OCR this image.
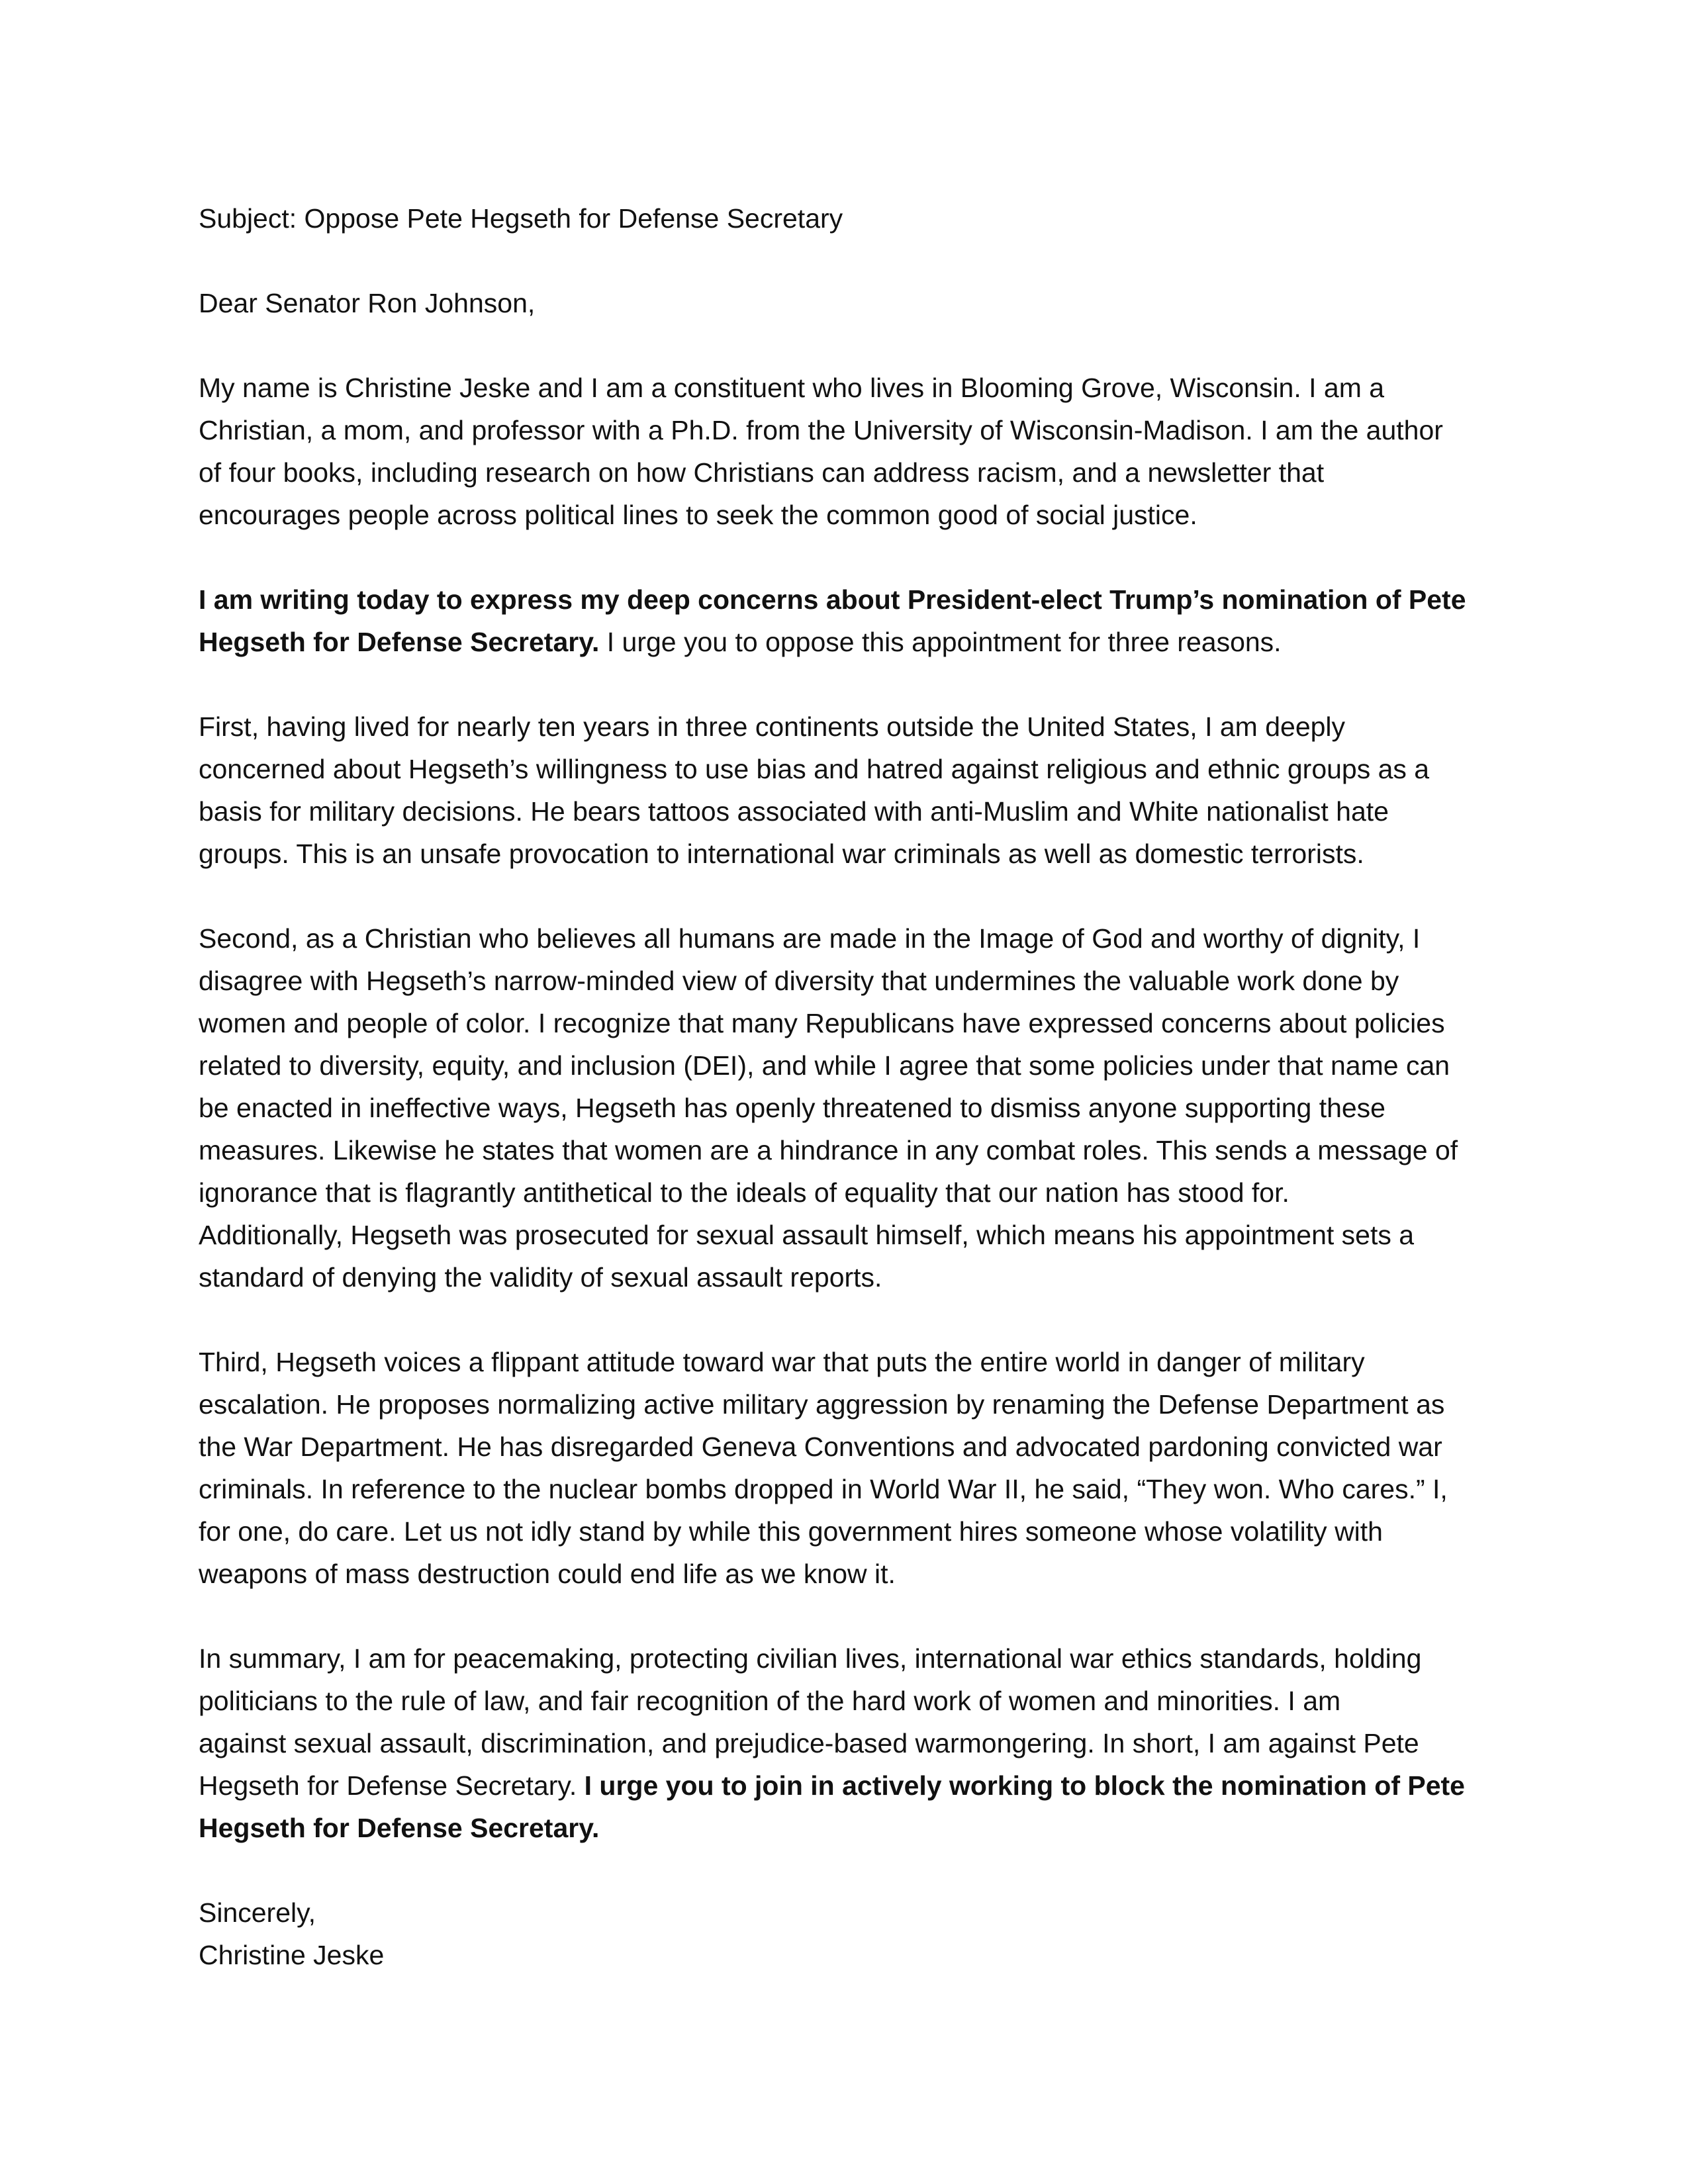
Subject: Oppose Pete Hegseth for Defense Secretary
Dear Senator Ron Johnson,
My name is Christine Jeske and I am a constituent who lives in Blooming Grove, Wisconsin. I am a
Christian, a mom, and professor with a Ph.D. from the University of Wisconsin-Madison. I am the author
of four books, including research on how Christians can address racism, and a newsletter that
encourages people across political lines to seek the common good of social justice.
I am writing today to express my deep concerns about President-elect Trump’s nomination of Pete
Hegseth for Defense Secretary. I urge you to oppose this appointment for three reasons.
First, having lived for nearly ten years in three continents outside the United States, I am deeply
concerned about Hegseth’s willingness to use bias and hatred against religious and ethnic groups as a
basis for military decisions. He bears tattoos associated with anti-Muslim and White nationalist hate
groups. This is an unsafe provocation to international war criminals as well as domestic terrorists.
Second, as a Christian who believes all humans are made in the Image of God and worthy of dignity, I
disagree with Hegseth’s narrow-minded view of diversity that undermines the valuable work done by
women and people of color. I recognize that many Republicans have expressed concerns about policies
related to diversity, equity, and inclusion (DEI), and while I agree that some policies under that name can
be enacted in ineffective ways, Hegseth has openly threatened to dismiss anyone supporting these
measures. Likewise he states that women are a hindrance in any combat roles. This sends a message of
ignorance that is flagrantly antithetical to the ideals of equality that our nation has stood for.
Additionally, Hegseth was prosecuted for sexual assault himself, which means his appointment sets a
standard of denying the validity of sexual assault reports.
Third, Hegseth voices a flippant attitude toward war that puts the entire world in danger of military
escalation. He proposes normalizing active military aggression by renaming the Defense Department as
the War Department. He has disregarded Geneva Conventions and advocated pardoning convicted war
criminals. In reference to the nuclear bombs dropped in World War II, he said, “They won. Who cares.” I,
for one, do care. Let us not idly stand by while this government hires someone whose volatility with
weapons of mass destruction could end life as we know it.
In summary, I am for peacemaking, protecting civilian lives, international war ethics standards, holding
politicians to the rule of law, and fair recognition of the hard work of women and minorities. I am
against sexual assault, discrimination, and prejudice-based warmongering. In short, I am against Pete
Hegseth for Defense Secretary. I urge you to join in actively working to block the nomination of Pete
Hegseth for Defense Secretary.
Sincerely,
Christine Jeske
